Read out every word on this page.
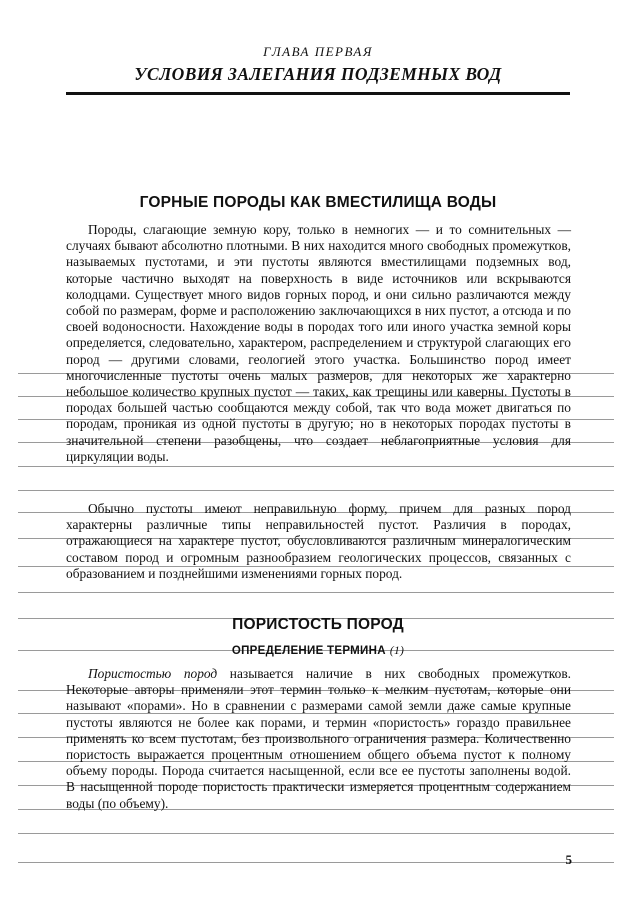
ГЛАВА ПЕРВАЯ
УСЛОВИЯ ЗАЛЕГАНИЯ ПОДЗЕМНЫХ ВОД
ГОРНЫЕ ПОРОДЫ КАК ВМЕСТИЛИЩА ВОДЫ

Породы, слагающие земную кору, только в немногих — и то сомнительных — случаях бывают абсолютно плотными. В них находится много свободных промежутков, называемых пустотами, и эти пустоты являются вместилищами подземных вод, которые частично выходят на поверхность в виде источников или вскрываются колодцами. Существует много видов горных пород, и они сильно различаются между собой по размерам, форме и расположению заключающихся в них пустот, а отсюда и по своей водоносности. Нахождение воды в породах того или иного участка земной коры определяется, следовательно, характером, распределением и структурой слагающих его пород — другими словами, геологией этого участка. Большинство пород имеет многочисленные пустоты очень малых размеров, для некоторых же характерно небольшое количество крупных пустот — таких, как трещины или каверны. Пустоты в породах большей частью сообщаются между собой, так что вода может двигаться по породам, проникая из одной пустоты в другую; но в некоторых породах пустоты в значительной степени разобщены, что создает неблагоприятные условия для циркуляции воды.

Обычно пустоты имеют неправильную форму, причем для разных пород характерны различные типы неправильностей пустот. Различия в породах, отражающиеся на характере пустот, обусловливаются различным минералогическим составом пород и огромным разнообразием геологических процессов, связанных с образованием и позднейшими изменениями горных пород.

ПОРИСТОСТЬ ПОРОД
ОПРЕДЕЛЕНИЕ ТЕРМИНА (1)

Пористостью пород называется наличие в них свободных промежутков. Некоторые авторы применяли этот термин только к мелким пустотам, которые они называют «порами». Но в сравнении с размерами самой земли даже самые крупные пустоты являются не более как порами, и термин «пористость» гораздо правильнее применять ко всем пустотам, без произвольного ограничения размера. Количественно пористость выражается процентным отношением общего объема пустот к полному объему породы. Порода считается насыщенной, если все ее пустоты заполнены водой. В насыщенной породе пористость практически измеряется процентным содержанием воды (по объему).

5
